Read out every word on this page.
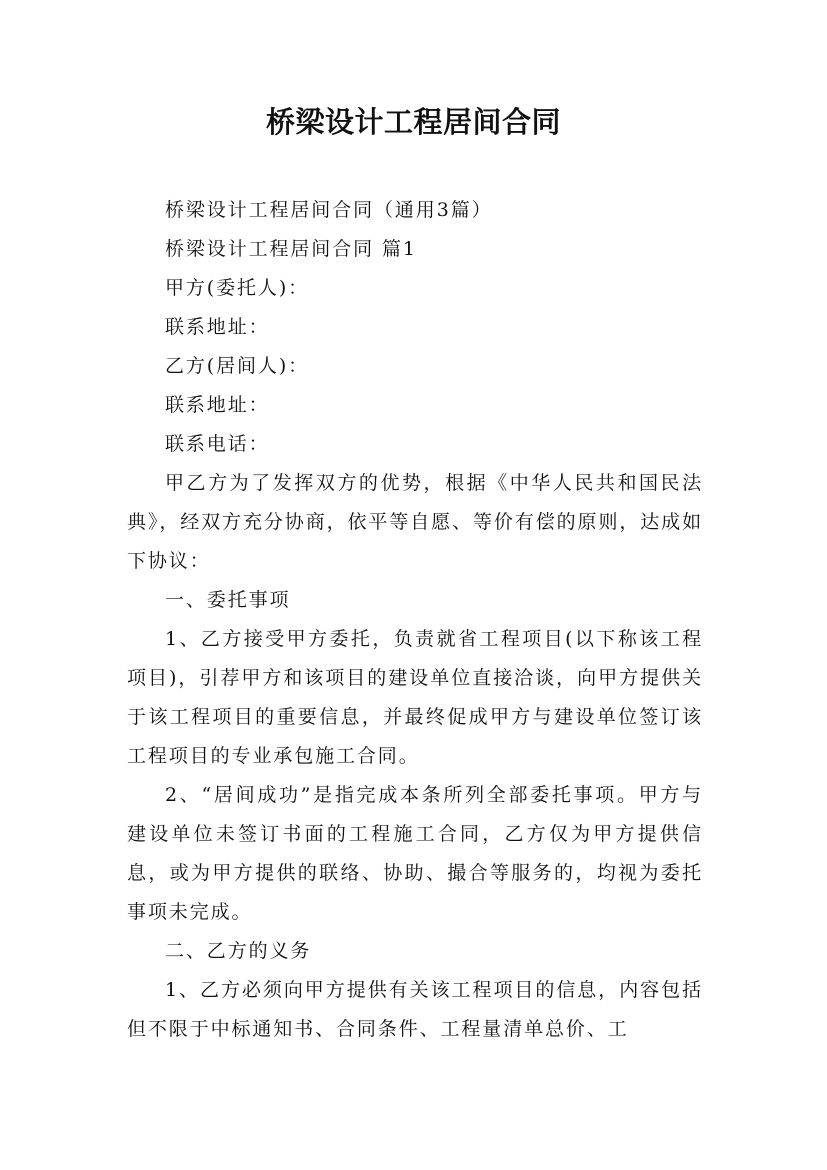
桥梁设计工程居间合同

桥梁设计工程居间合同（通用3篇）

桥梁设计工程居间合同 篇1

甲方(委托人)：

联系地址：

乙方(居间人)：

联系地址：

联系电话：

甲乙方为了发挥双方的优势，根据《中华人民共和国民法典》，经双方充分协商，依平等自愿、等价有偿的原则，达成如下协议：

一、委托事项

1、乙方接受甲方委托，负责就省工程项目(以下称该工程项目)，引荐甲方和该项目的建设单位直接洽谈，向甲方提供关于该工程项目的重要信息，并最终促成甲方与建设单位签订该工程项目的专业承包施工合同。

2、“居间成功”是指完成本条所列全部委托事项。甲方与建设单位未签订书面的工程施工合同，乙方仅为甲方提供信息，或为甲方提供的联络、协助、撮合等服务的，均视为委托事项未完成。

二、乙方的义务

1、乙方必须向甲方提供有关该工程项目的信息，内容包括但不限于中标通知书、合同条件、工程量清单总价、工
